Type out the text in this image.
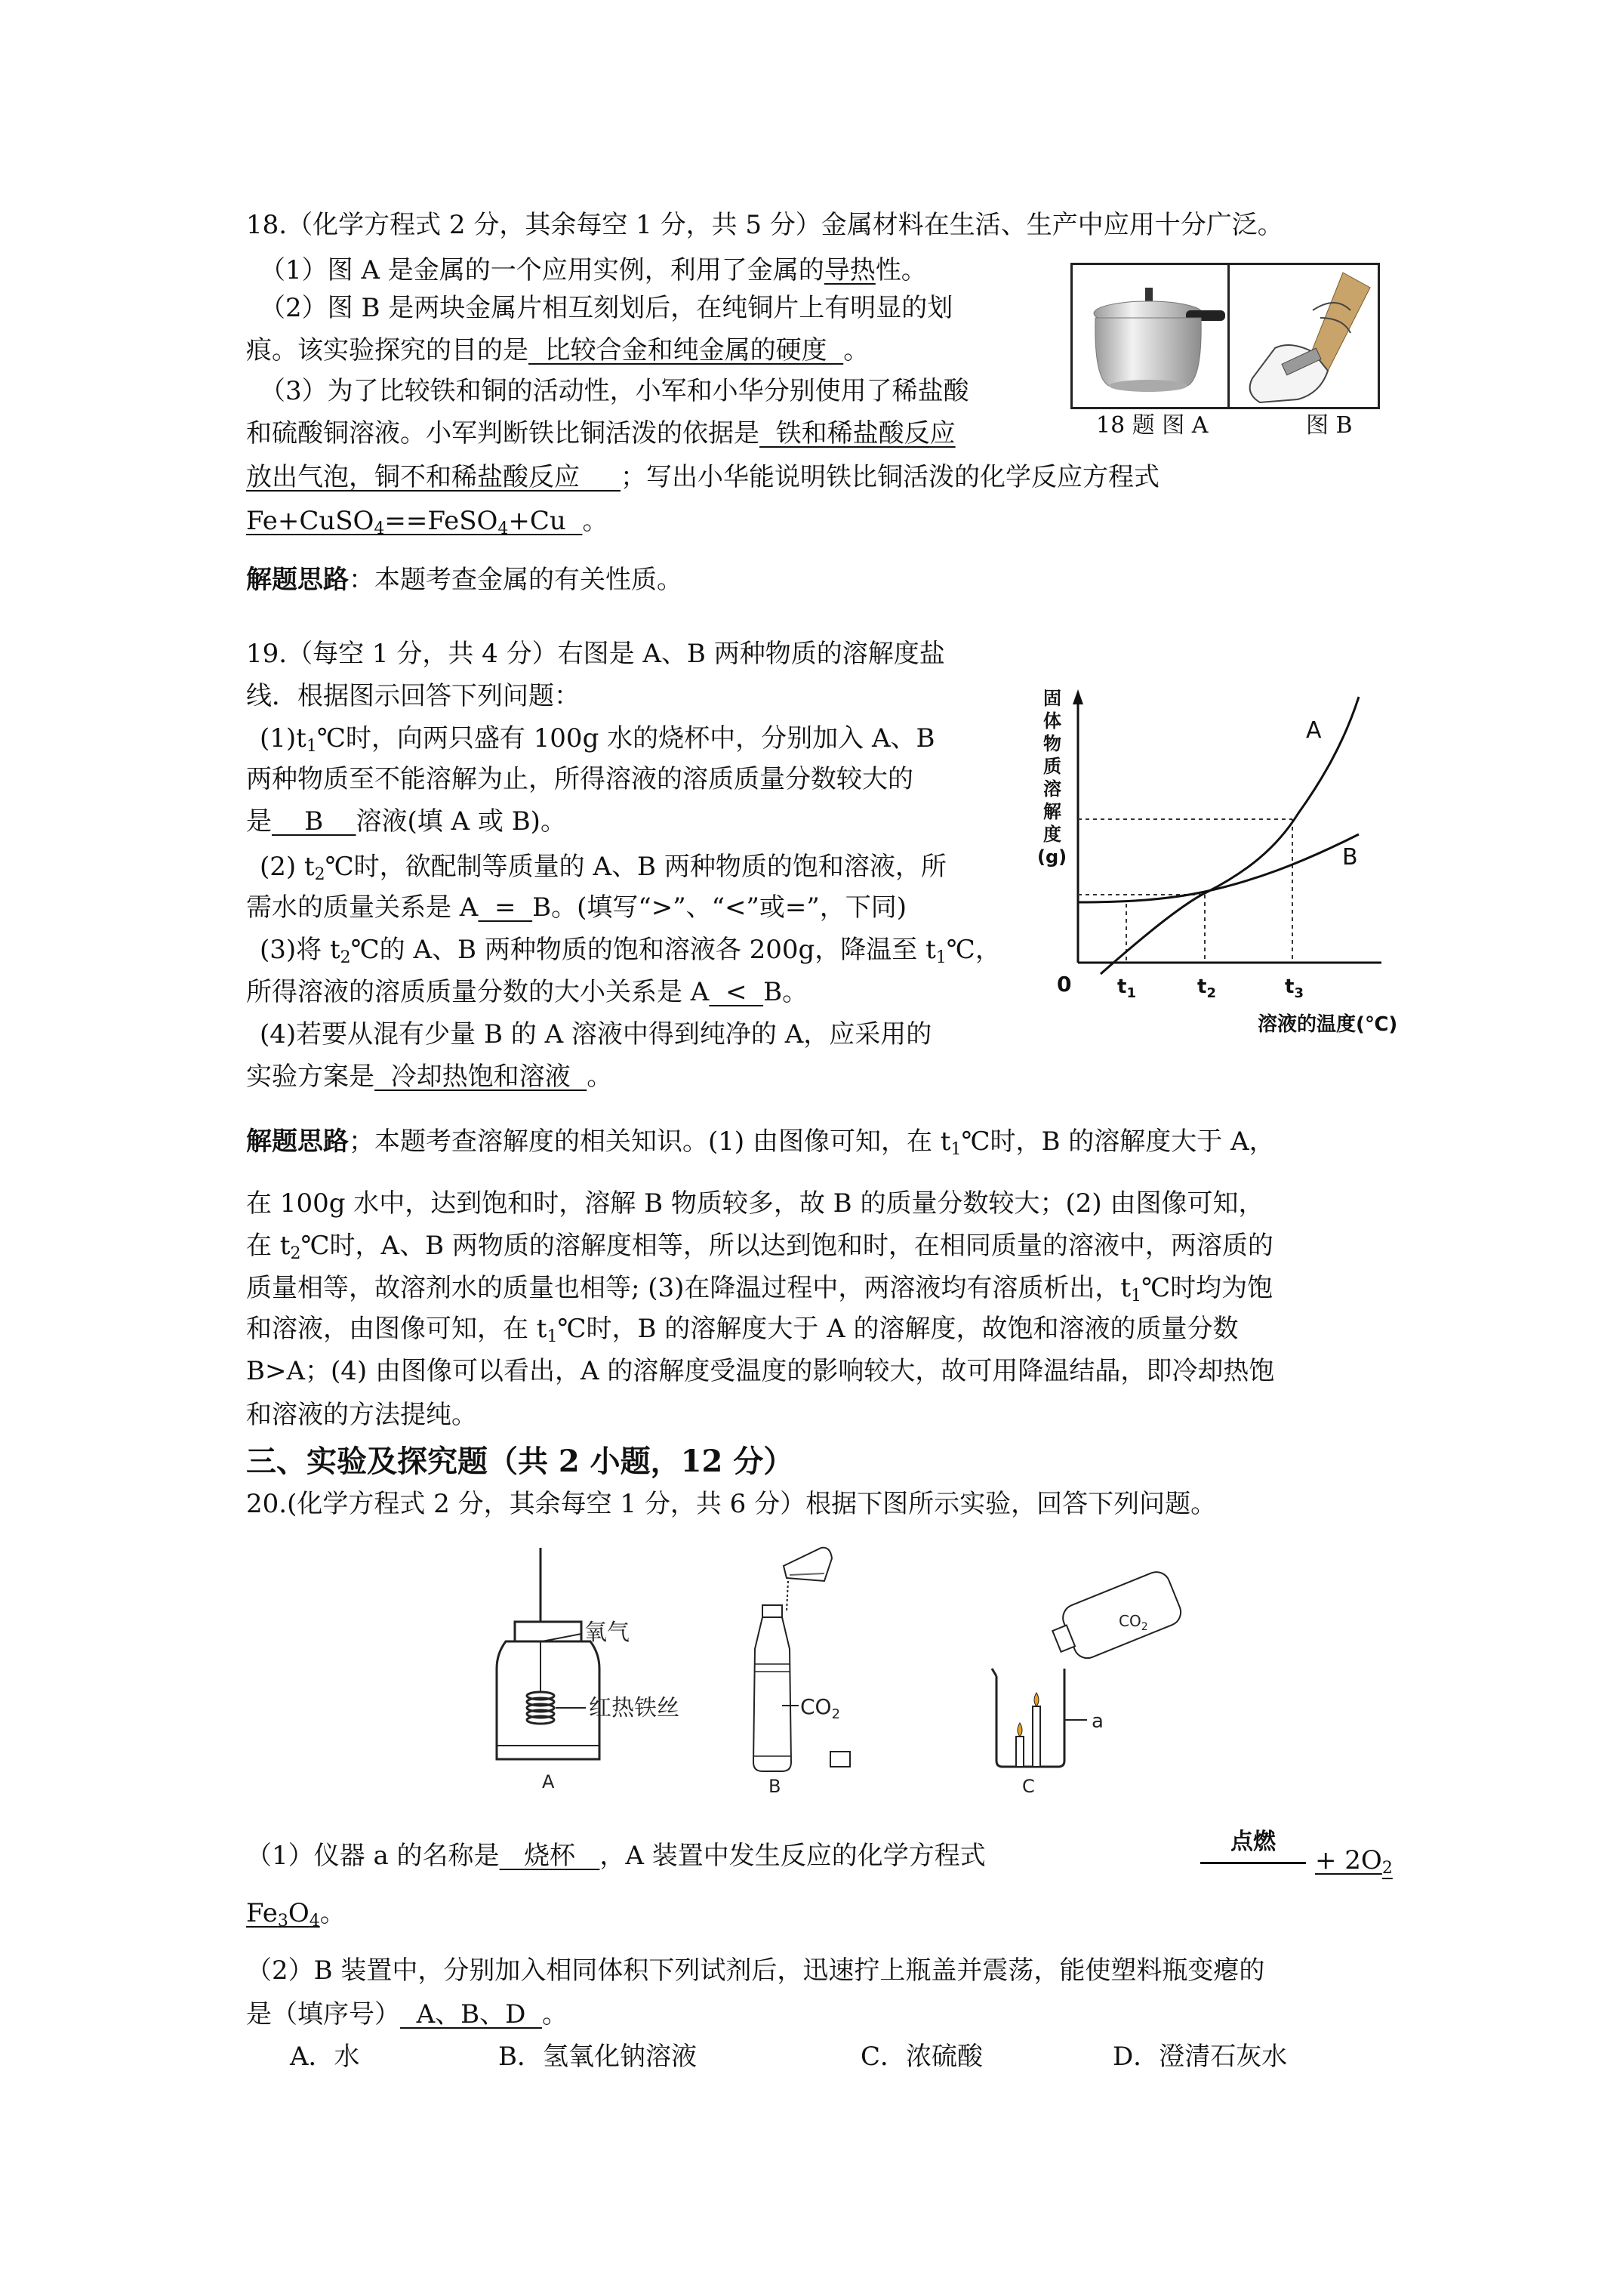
18.（化学方程式 2 分，其余每空 1 分，共 5 分）金属材料在生活、生产中应用十分广泛。
（1）图 A 是金属的一个应用实例，利用了金属的导热性。
（2）图 B 是两块金属片相互刻划后，在纯铜片上有明显的划
痕。该实验探究的目的是  比较合金和纯金属的硬度  。
（3）为了比较铁和铜的活动性，小军和小华分别使用了稀盐酸
和硫酸铜溶液。小军判断铁比铜活泼的依据是  铁和稀盐酸反应
放出气泡，铜不和稀盐酸反应     ；写出小华能说明铁比铜活泼的化学反应方程式
Fe+CuSO$_4$==FeSO$_4$+Cu  。
解题思路：本题考查金属的有关性质。
18 题 图 A	图 B
19.（每空 1 分，共 4 分）右图是 A、B 两种物质的溶解度盐
线．根据图示回答下列问题：
$(1)t_1℃$时，向两只盛有 100g 水的烧杯中，分别加入 A、B
两种物质至不能溶解为止，所得溶液的溶质质量分数较大的
是    B    溶液(填 A 或 B)。
(2) $t_2℃$时，欲配制等质量的 A、B 两种物质的饱和溶液，所
需水的质量关系是 A  =  B。(填写“>”、“<”或=”，下同)
(3)将 $t_2℃$的 A、B 两种物质的饱和溶液各 200g，降温至 $t_1℃$，
所得溶液的溶质质量分数的大小关系是 A  <  B。
(4)若要从混有少量 B 的 A 溶液中得到纯净的 A，应采用的
实验方案是  冷却热饱和溶液  。
固
体
物
质
溶
解
度
(g)
A
B
0 $t_1$	$t_2$	$t_3$
溶液的温度(℃)
解题思路；本题考查溶解度的相关知识。(1) 由图像可知，在 $t_1℃$时，B 的溶解度大于 A，
在 100g 水中，达到饱和时，溶解 B 物质较多，故 B 的质量分数较大；(2) 由图像可知，
在 $t_2℃$时，A、B 两物质的溶解度相等，所以达到饱和时，在相同质量的溶液中，两溶质的
质量相等，故溶剂水的质量也相等; (3)在降温过程中，两溶液均有溶质析出，$t_1℃$时均为饱
和溶液，由图像可知，在 $t_1℃$时，B 的溶解度大于 A 的溶解度，故饱和溶液的质量分数
B>A；(4) 由图像可以看出，A 的溶解度受温度的影响较大，故可用降温结晶，即冷却热饱
和溶液的方法提纯。
三、实验及探究题（共 2 小题，12 分）
20.(化学方程式 2 分，其余每空 1 分，共 6 分）根据下图所示实验，回答下列问题。
氧气
红热铁丝
A
$CO_2$
B
$CO_2$
a
C
（1）仪器 a 的名称是   烧杯   ，A 装置中发生反应的化学方程式	点燃
+ $2O_2$
$Fe_3O_4$。
（2）B 装置中，分别加入相同体积下列试剂后，迅速拧上瓶盖并震荡，能使塑料瓶变瘪的
是（填序号）  A、B、D  。
A．水	B．氢氧化钠溶液	C．浓硫酸	D．澄清石灰水
